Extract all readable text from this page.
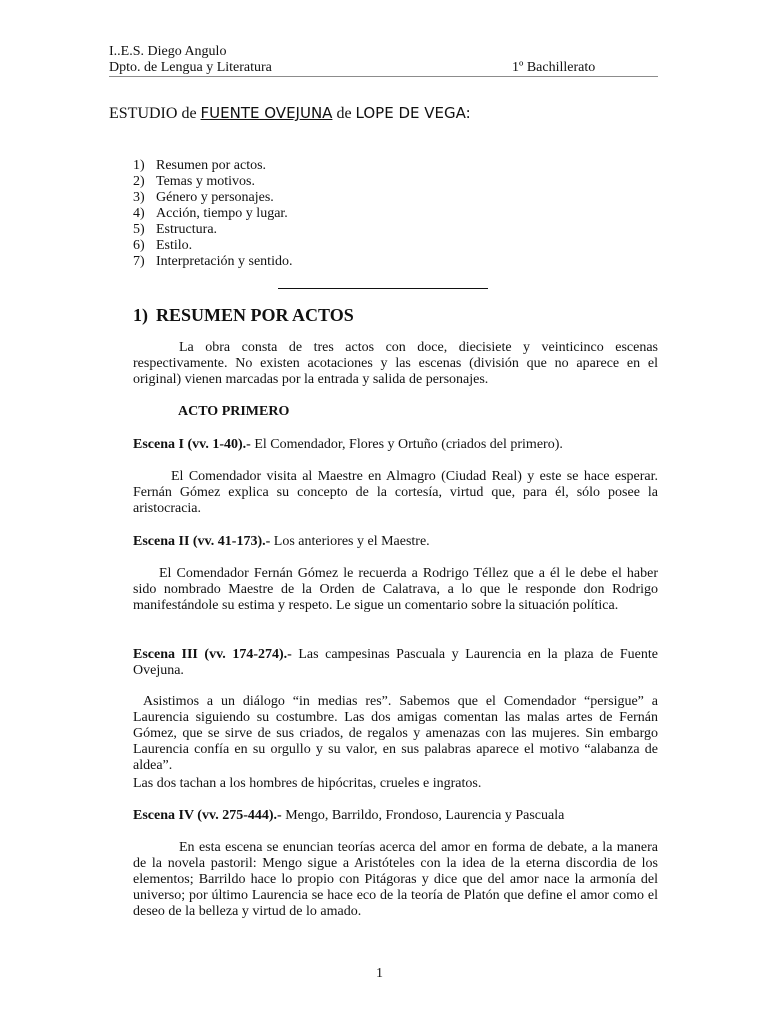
I..E.S. Diego Angulo
Dpto. de Lengua y Literatura	1º Bachillerato
ESTUDIO de FUENTE OVEJUNA de LOPE DE VEGA:
1) Resumen por actos.
2) Temas y motivos.
3) Género y personajes.
4) Acción, tiempo y lugar.
5) Estructura.
6) Estilo.
7) Interpretación y sentido.
1) RESUMEN POR ACTOS

La obra consta de tres actos con doce, diecisiete y veinticinco escenas respectivamente. No existen acotaciones y las escenas (división que no aparece en el original) vienen marcadas por la entrada y salida de personajes.

ACTO PRIMERO

Escena I (vv. 1-40).- El Comendador, Flores y Ortuño (criados del primero).

El Comendador visita al Maestre en Almagro (Ciudad Real) y este se hace esperar. Fernán Gómez explica su concepto de la cortesía, virtud que, para él, sólo posee la aristocracia.

Escena II (vv. 41-173).- Los anteriores y el Maestre.

El Comendador Fernán Gómez le recuerda a Rodrigo Téllez que a él le debe el haber sido nombrado Maestre de la Orden de Calatrava, a lo que le responde don Rodrigo manifestándole su estima y respeto. Le sigue un comentario sobre la situación política.

Escena III (vv. 174-274).- Las campesinas Pascuala y Laurencia en la plaza de Fuente Ovejuna.

Asistimos a un diálogo “in medias res”. Sabemos que el Comendador “persigue” a Laurencia siguiendo su costumbre. Las dos amigas comentan las malas artes de Fernán Gómez, que se sirve de sus criados, de regalos y amenazas con las mujeres. Sin embargo Laurencia confía en su orgullo y su valor, en sus palabras aparece el motivo “alabanza de aldea”.

Las dos tachan a los hombres de hipócritas, crueles e ingratos.

Escena IV (vv. 275-444).- Mengo, Barrildo, Frondoso, Laurencia y Pascuala

En esta escena se enuncian teorías acerca del amor en forma de debate, a la manera de la novela pastoril: Mengo sigue a Aristóteles con la idea de la eterna discordia de los elementos; Barrildo hace lo propio con Pitágoras y dice que del amor nace la armonía del universo; por último Laurencia se hace eco de la teoría de Platón que define el amor como el deseo de la belleza y virtud de lo amado.

1
